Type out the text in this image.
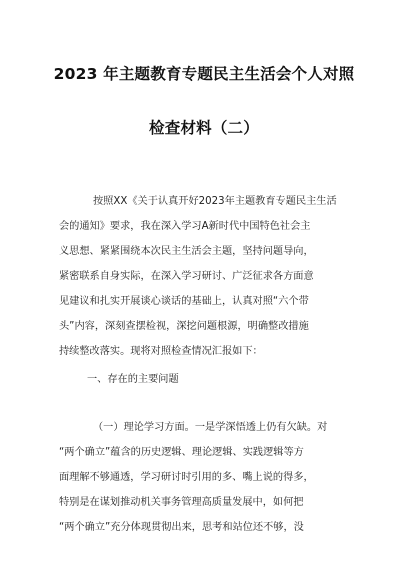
2023 年主题教育专题民主生活会个人对照
检查材料（二）
按照XX《关于认真开好2023年主题教育专题民主生活
会的通知》要求，我在深入学习A新时代中国特色社会主
义思想、紧紧围绕本次民主生活会主题，坚持问题导向，
紧密联系自身实际，在深入学习研讨、广泛征求各方面意
见建议和扎实开展谈心谈话的基础上，认真对照“六个带
头”内容，深刻查摆检视，深挖问题根源，明确整改措施
持续整改落实。现将对照检查情况汇报如下：
一、存在的主要问题
（一）理论学习方面。一是学深悟透上仍有欠缺。对
“两个确立”蕴含的历史逻辑、理论逻辑、实践逻辑等方
面理解不够通透，学习研讨时引用的多、嘴上说的得多，
特别是在谋划推动机关事务管理高质量发展中，如何把
“两个确立”充分体现贯彻出来，思考和站位还不够，没
